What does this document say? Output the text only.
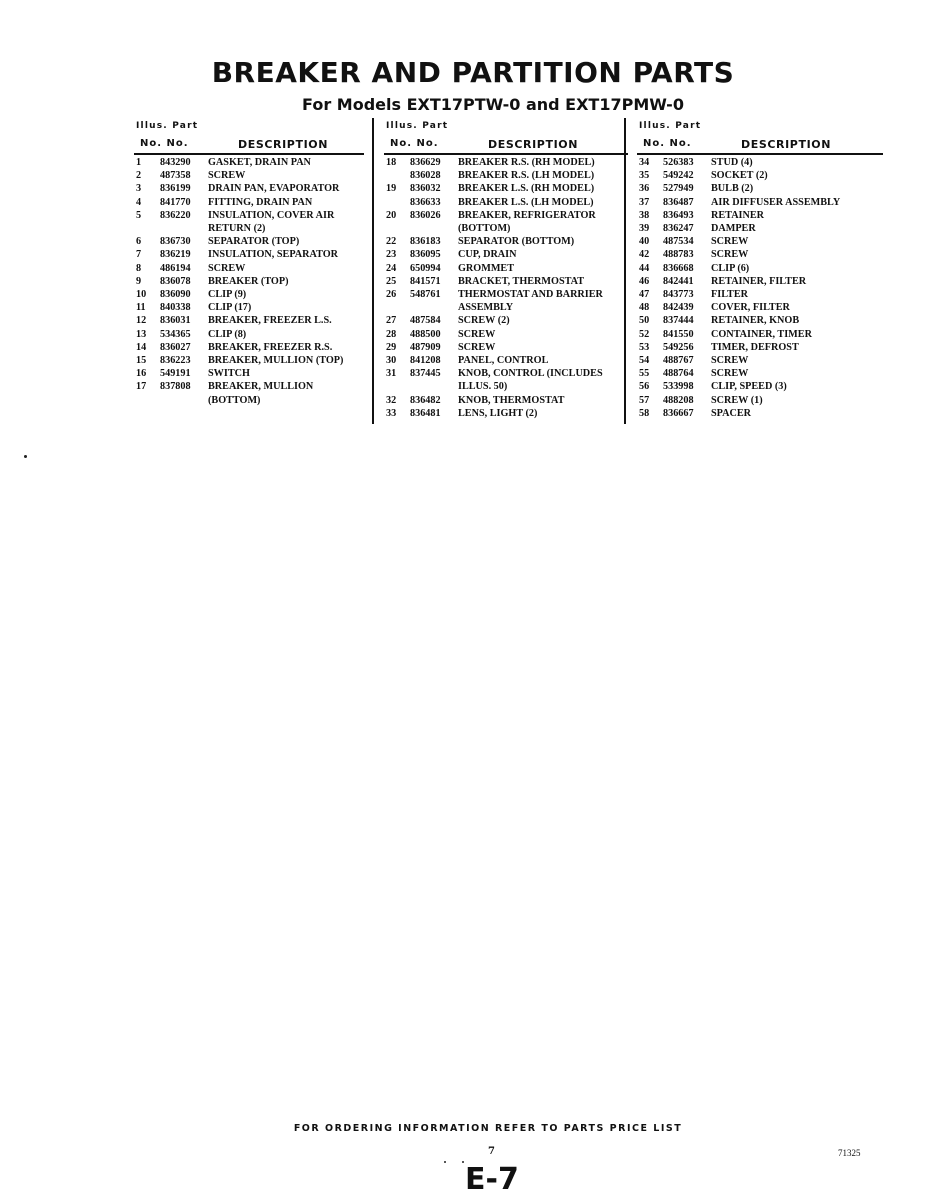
BREAKER AND PARTITION PARTS
For Models EXT17PTW-0 and EXT17PMW-0
Illus. Part
No. No.	DESCRIPTION
1 843290 GASKET, DRAIN PAN
2 487358 SCREW
3 836199 DRAIN PAN, EVAPORATOR
4 841770 FITTING, DRAIN PAN
5 836220 INSULATION, COVER AIR
RETURN (2)
6 836730 SEPARATOR (TOP)
7 836219 INSULATION, SEPARATOR
8 486194 SCREW
9 836078 BREAKER (TOP)
10 836090 CLIP (9)
11 840338 CLIP (17)
12 836031 BREAKER, FREEZER L.S.
13 534365 CLIP (8)
14 836027 BREAKER, FREEZER R.S.
15 836223 BREAKER, MULLION (TOP)
16 549191 SWITCH
17 837808 BREAKER, MULLION
(BOTTOM)
Illus. Part
No. No.	DESCRIPTION
18 836629 BREAKER R.S. (RH MODEL)
836028 BREAKER R.S. (LH MODEL)
19 836032 BREAKER L.S. (RH MODEL)
836633 BREAKER L.S. (LH MODEL)
20 836026 BREAKER, REFRIGERATOR
(BOTTOM)
22 836183 SEPARATOR (BOTTOM)
23 836095 CUP, DRAIN
24 650994 GROMMET
25 841571 BRACKET, THERMOSTAT
26 548761 THERMOSTAT AND BARRIER
ASSEMBLY
27 487584 SCREW (2)
28 488500 SCREW
29 487909 SCREW
30 841208 PANEL, CONTROL
31 837445 KNOB, CONTROL (INCLUDES
ILLUS. 50)
32 836482 KNOB, THERMOSTAT
33 836481 LENS, LIGHT (2)
Illus. Part
No. No.	DESCRIPTION
34 526383 STUD (4)
35 549242 SOCKET (2)
36 527949 BULB (2)
37 836487 AIR DIFFUSER ASSEMBLY
38 836493 RETAINER
39 836247 DAMPER
40 487534 SCREW
42 488783 SCREW
44 836668 CLIP (6)
46 842441 RETAINER, FILTER
47 843773 FILTER
48 842439 COVER, FILTER
50 837444 RETAINER, KNOB
52 841550 CONTAINER, TIMER
53 549256 TIMER, DEFROST
54 488767 SCREW
55 488764 SCREW
56 533998 CLIP, SPEED (3)
57 488208 SCREW (1)
58 836667 SPACER
FOR ORDERING INFORMATION REFER TO PARTS PRICE LIST
7
E-7
71325
